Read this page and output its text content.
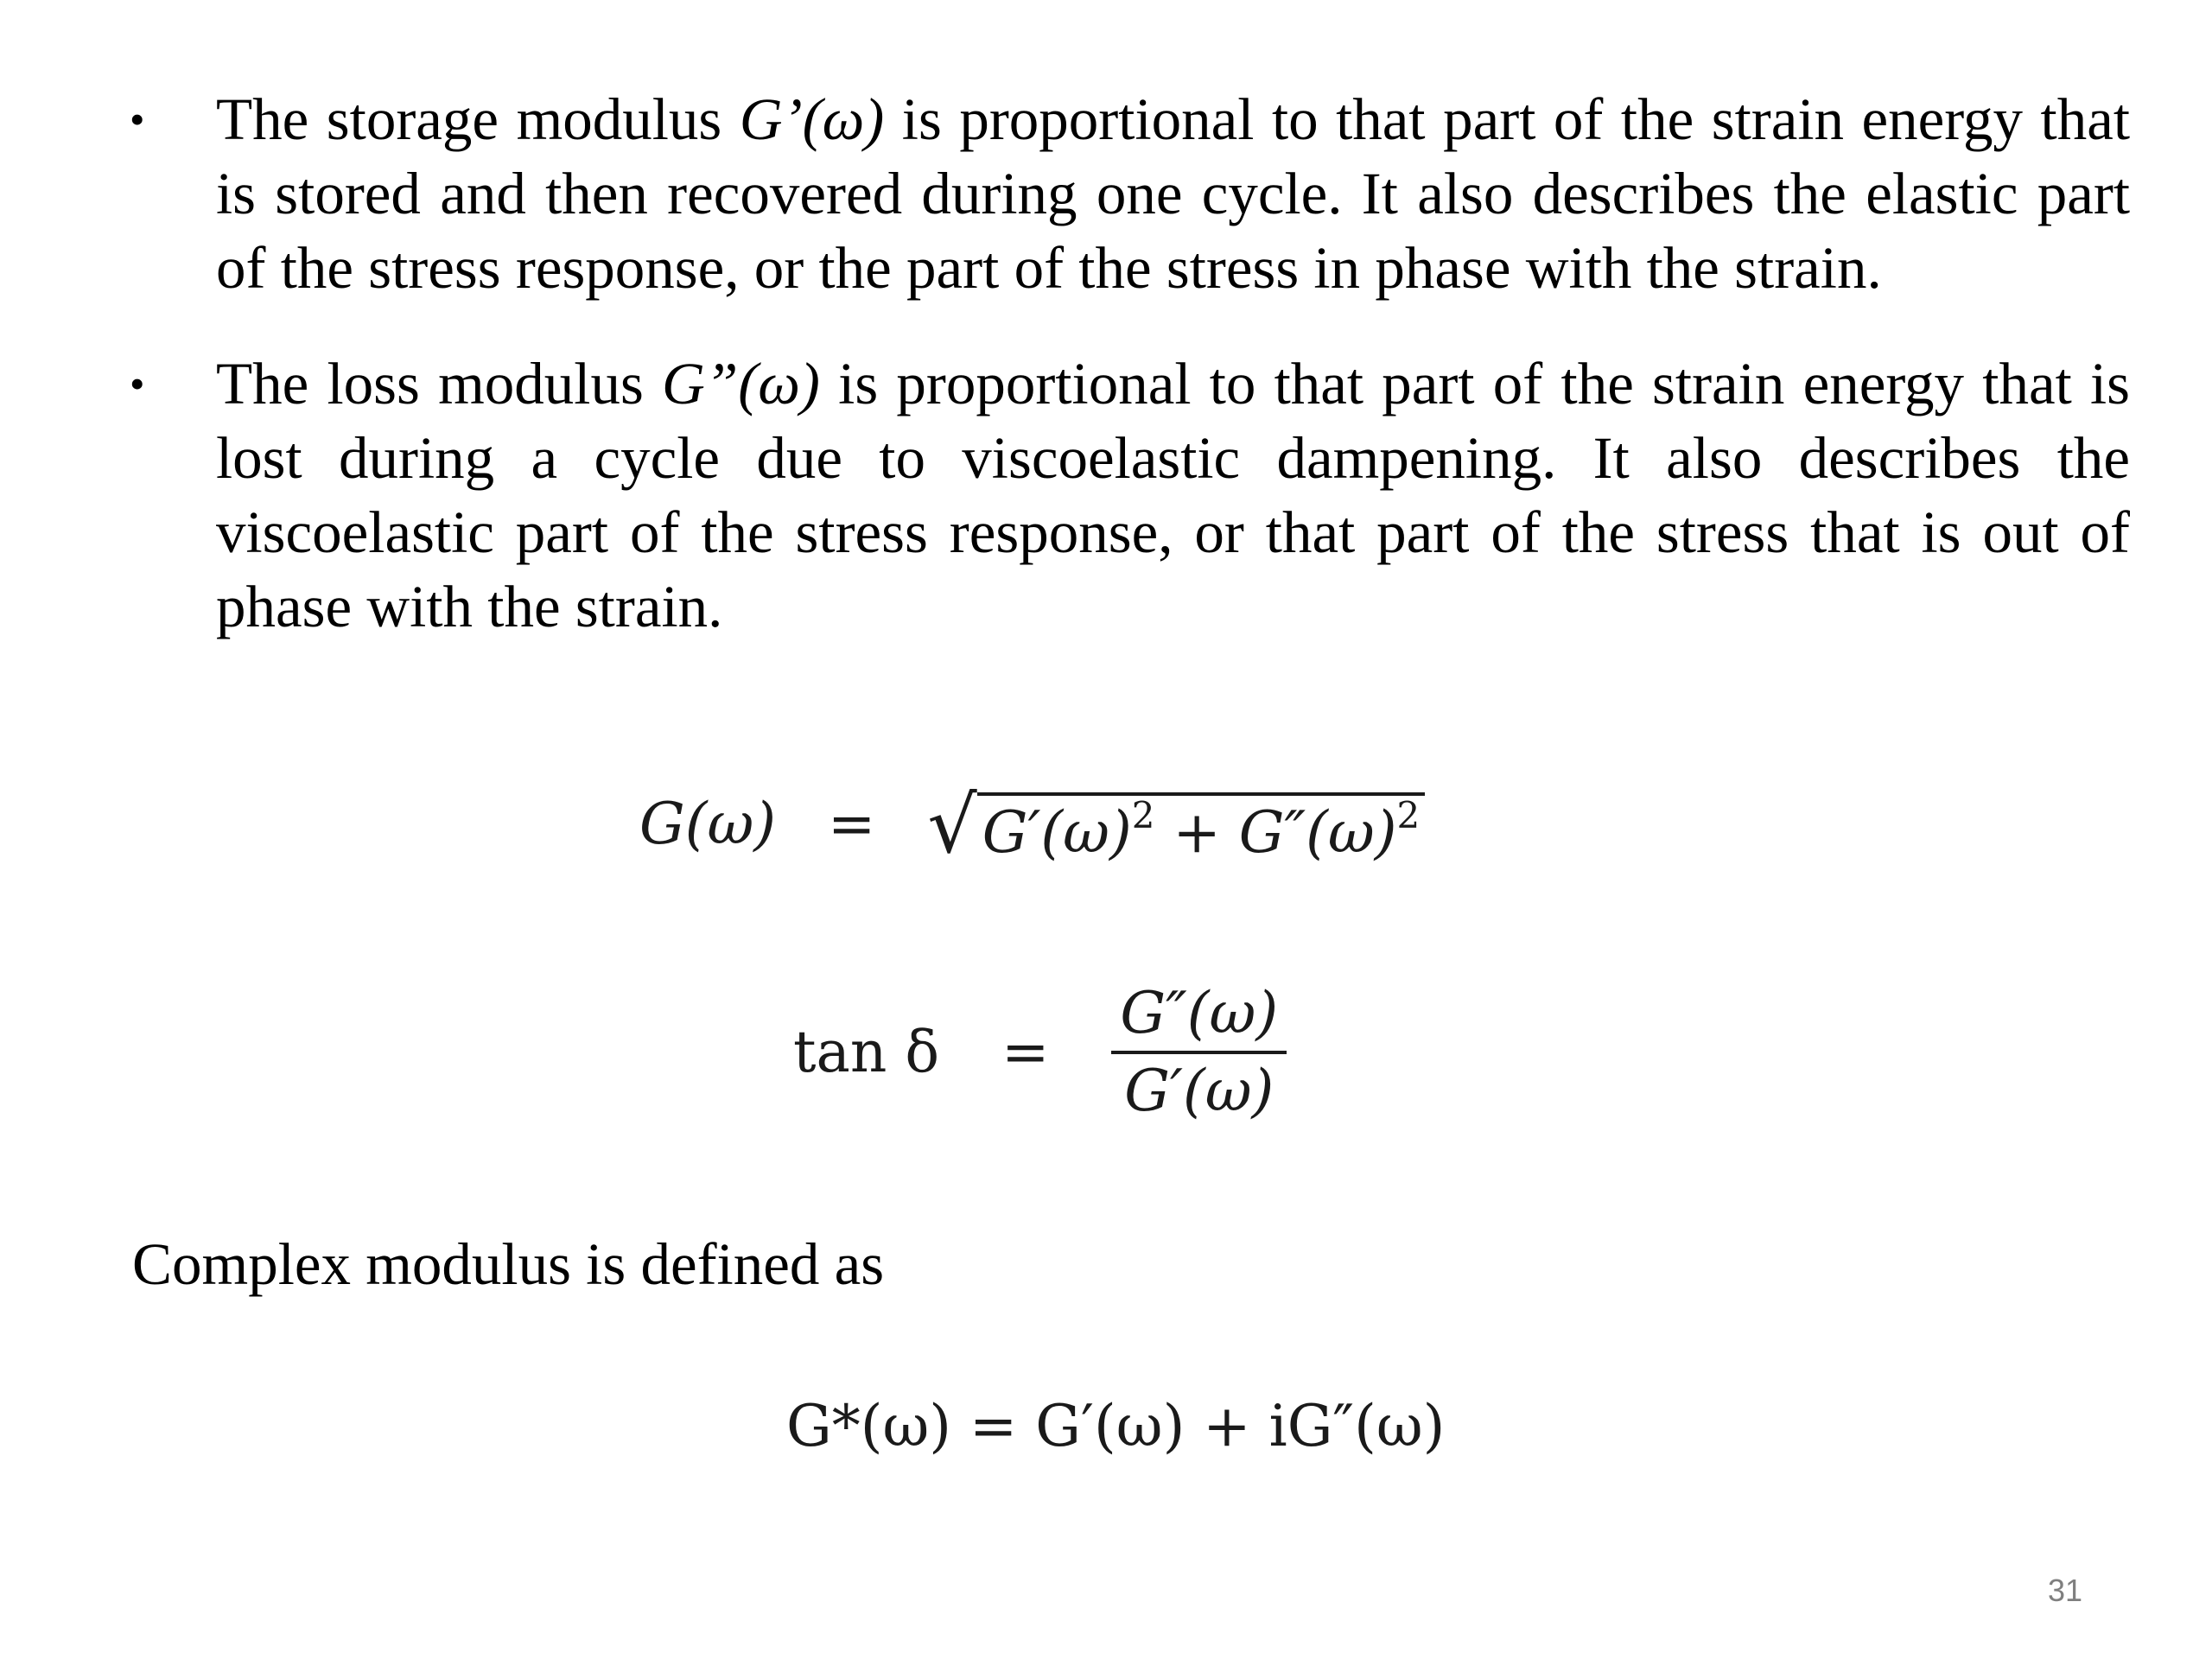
• The storage modulus G’(ω) is proportional to that part of the strain energy that is stored and then recovered during one cycle. It also describes the elastic part of the stress response, or the part of the stress in phase with the strain.
• The loss modulus G”(ω) is proportional to that part of the strain energy that is lost during a cycle due to viscoelastic dampening. It also describes the viscoelastic part of the stress response, or that part of the stress that is out of phase with the strain.
$G(\omega) = √G'(\omega)^2 + G''(\omega)^2$
$\tan \delta = \frac{G''(\omega)}{G'(\omega)}$
Complex modulus is defined as
G*(ω) = G′(ω) + iG″(ω)
31
